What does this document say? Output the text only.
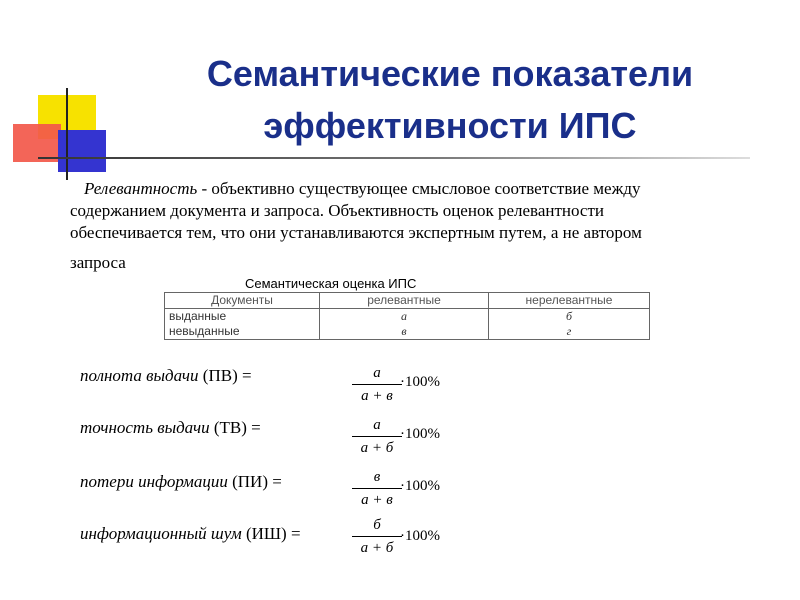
Семантические показатели
эффективности ИПС
Релевантность - объективно существующее смысловое соответствие между
содержанием документа и запроса. Объективность оценок релевантности
обеспечивается тем, что они устанавливаются экспертным путем, а не автором
запроса
Семантическая оценка ИПС
Документы	релевантные	нерелевантные
выданные	а	б
невыданные	в	г
полнота выдачи (ПВ) =	а
а + в
·100%
точность выдачи (ТВ) =	а
а + б
·100%
потери информации (ПИ) =	в
а + в
·100%
информационный шум (ИШ) =	б
а + б
·100%
